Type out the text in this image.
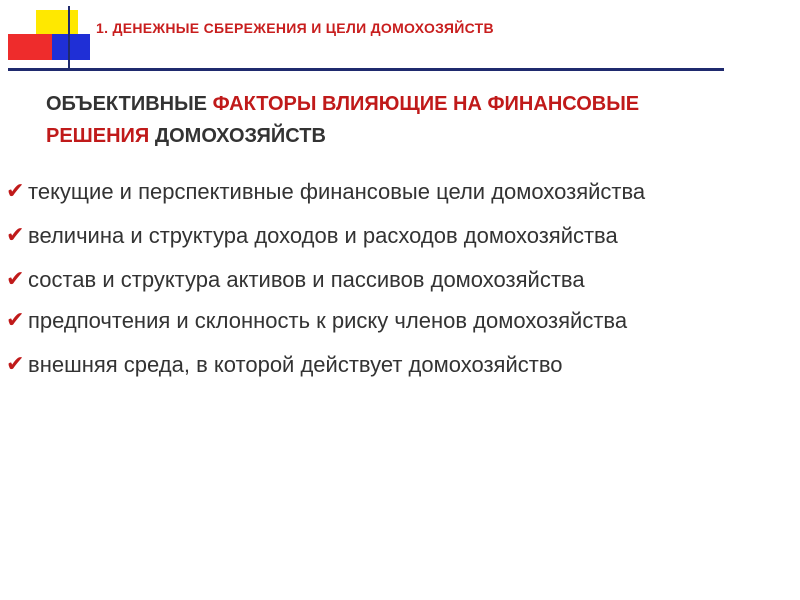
1. ДЕНЕЖНЫЕ СБЕРЕЖЕНИЯ И ЦЕЛИ ДОМОХОЗЯЙСТВ
ОБЪЕКТИВНЫЕ ФАКТОРЫ ВЛИЯЮЩИЕ НА ФИНАНСОВЫЕ РЕШЕНИЯ ДОМОХОЗЯЙСТВ
✔ текущие и перспективные финансовые цели домохозяйства
✔ величина и структура доходов и расходов домохозяйства
✔ состав и структура активов и пассивов домохозяйства
✔ предпочтения и склонность к риску членов домохозяйства
✔ внешняя среда, в которой действует домохозяйство
